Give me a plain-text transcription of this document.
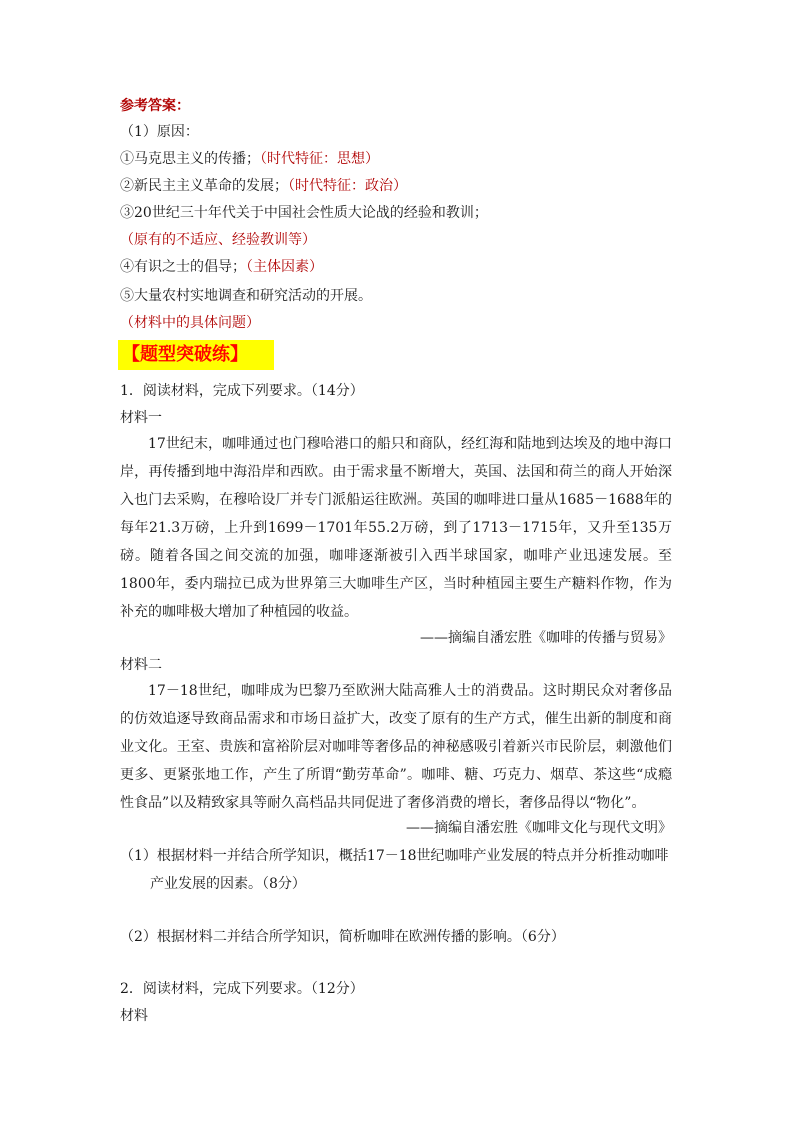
参考答案：
（1）原因：
①马克思主义的传播；（时代特征：思想）
②新民主主义革命的发展；（时代特征：政治）
③20世纪三十年代关于中国社会性质大论战的经验和教训；
（原有的不适应、经验教训等）
④有识之士的倡导；（主体因素）
⑤大量农村实地调查和研究活动的开展。
（材料中的具体问题）
【题型突破练】
1．阅读材料，完成下列要求。（14分）
材料一
17世纪末，咖啡通过也门穆哈港口的船只和商队，经红海和陆地到达埃及的地中海口岸，再传播到地中海沿岸和西欧。由于需求量不断增大，英国、法国和荷兰的商人开始深入也门去采购，在穆哈设厂并专门派船运往欧洲。英国的咖啡进口量从1685－1688年的每年21.3万磅，上升到1699－1701年55.2万磅，到了1713－1715年，又升至135万磅。随着各国之间交流的加强，咖啡逐渐被引入西半球国家，咖啡产业迅速发展。至1800年，委内瑞拉已成为世界第三大咖啡生产区，当时种植园主要生产糖料作物，作为补充的咖啡极大增加了种植园的收益。
——摘编自潘宏胜《咖啡的传播与贸易》
材料二
17－18世纪，咖啡成为巴黎乃至欧洲大陆高雅人士的消费品。这时期民众对奢侈品的仿效追逐导致商品需求和市场日益扩大，改变了原有的生产方式，催生出新的制度和商业文化。王室、贵族和富裕阶层对咖啡等奢侈品的神秘感吸引着新兴市民阶层，刺激他们更多、更紧张地工作，产生了所谓“勤劳革命”。咖啡、糖、巧克力、烟草、茶这些“成瘾性食品”以及精致家具等耐久高档品共同促进了奢侈消费的增长，奢侈品得以“物化”。
——摘编自潘宏胜《咖啡文化与现代文明》
（1）根据材料一并结合所学知识，概括17－18世纪咖啡产业发展的特点并分析推动咖啡产业发展的因素。（8分）
（2）根据材料二并结合所学知识，简析咖啡在欧洲传播的影响。（6分）
2．阅读材料，完成下列要求。（12分）
材料
